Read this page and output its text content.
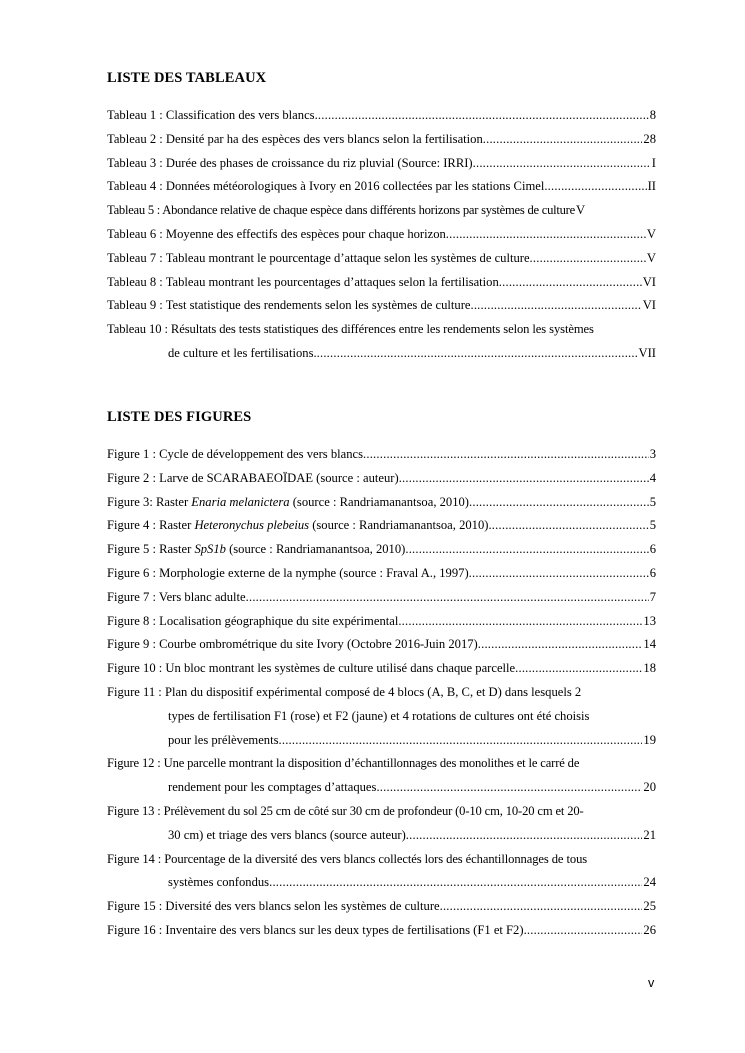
LISTE DES TABLEAUX
Tableau 1 : Classification des vers blancs .....	8
Tableau 2 : Densité par ha des espèces des vers blancs selon la fertilisation .....	28
Tableau 3 : Durée des phases de croissance du riz pluvial (Source: IRRI) .....	I
Tableau 4 : Données météorologiques à Ivory en 2016 collectées par les stations Cimel .....	II
Tableau 5 : Abondance relative de chaque espèce dans différents horizons par systèmes de culture V
Tableau 6 : Moyenne des effectifs des espèces pour chaque horizon .....	V
Tableau 7 : Tableau montrant le pourcentage d’attaque selon les systèmes de culture .....	V
Tableau 8 : Tableau montrant les pourcentages d’attaques selon la fertilisation .....	VI
Tableau 9 : Test statistique des rendements selon les systèmes de culture .....	VI
Tableau 10 : Résultats des tests statistiques des différences entre les rendements selon les systèmes
de culture et les fertilisations. .....	VII
LISTE DES FIGURES
Figure 1 : Cycle de développement des vers blancs .....	3
Figure 2 : Larve de SCARABAEOÏDAE (source : auteur) .....	4
Figure 3: Raster Enaria melanictera (source : Randriamanantsoa, 2010) .....	5
Figure 4 : Raster Heteronychus plebeius (source : Randriamanantsoa, 2010) .....	5
Figure 5 : Raster SpS1b (source : Randriamanantsoa, 2010) .....	6
Figure 6 : Morphologie externe de la nymphe (source : Fraval A., 1997) .....	6
Figure 7 : Vers blanc adulte .....	7
Figure 8 : Localisation géographique du site expérimental .....	13
Figure 9 : Courbe ombrométrique du site Ivory (Octobre 2016-Juin 2017) .....	14
Figure 10 : Un bloc montrant les systèmes de culture utilisé dans chaque parcelle .....	18
Figure 11 : Plan du dispositif expérimental composé de 4 blocs (A, B, C, et D) dans lesquels 2
types de fertilisation F1 (rose) et F2 (jaune) et 4 rotations de cultures ont été choisis
pour les prélèvements .....	19
Figure 12 : Une parcelle montrant la disposition d’échantillonnages des monolithes et le carré de
rendement pour les comptages d’attaques .....	20
Figure 13 : Prélèvement du sol 25 cm de côté sur 30 cm de profondeur (0-10 cm, 10-20 cm et 20-
30 cm) et triage des vers blancs (source auteur) .....	21
Figure 14 : Pourcentage de la diversité des vers blancs collectés lors des échantillonnages de tous
systèmes confondus .....	24
Figure 15 : Diversité des vers blancs selon les systèmes de culture .....	25
Figure 16 : Inventaire des vers blancs sur les deux types de fertilisations (F1 et F2) .....	26
v
